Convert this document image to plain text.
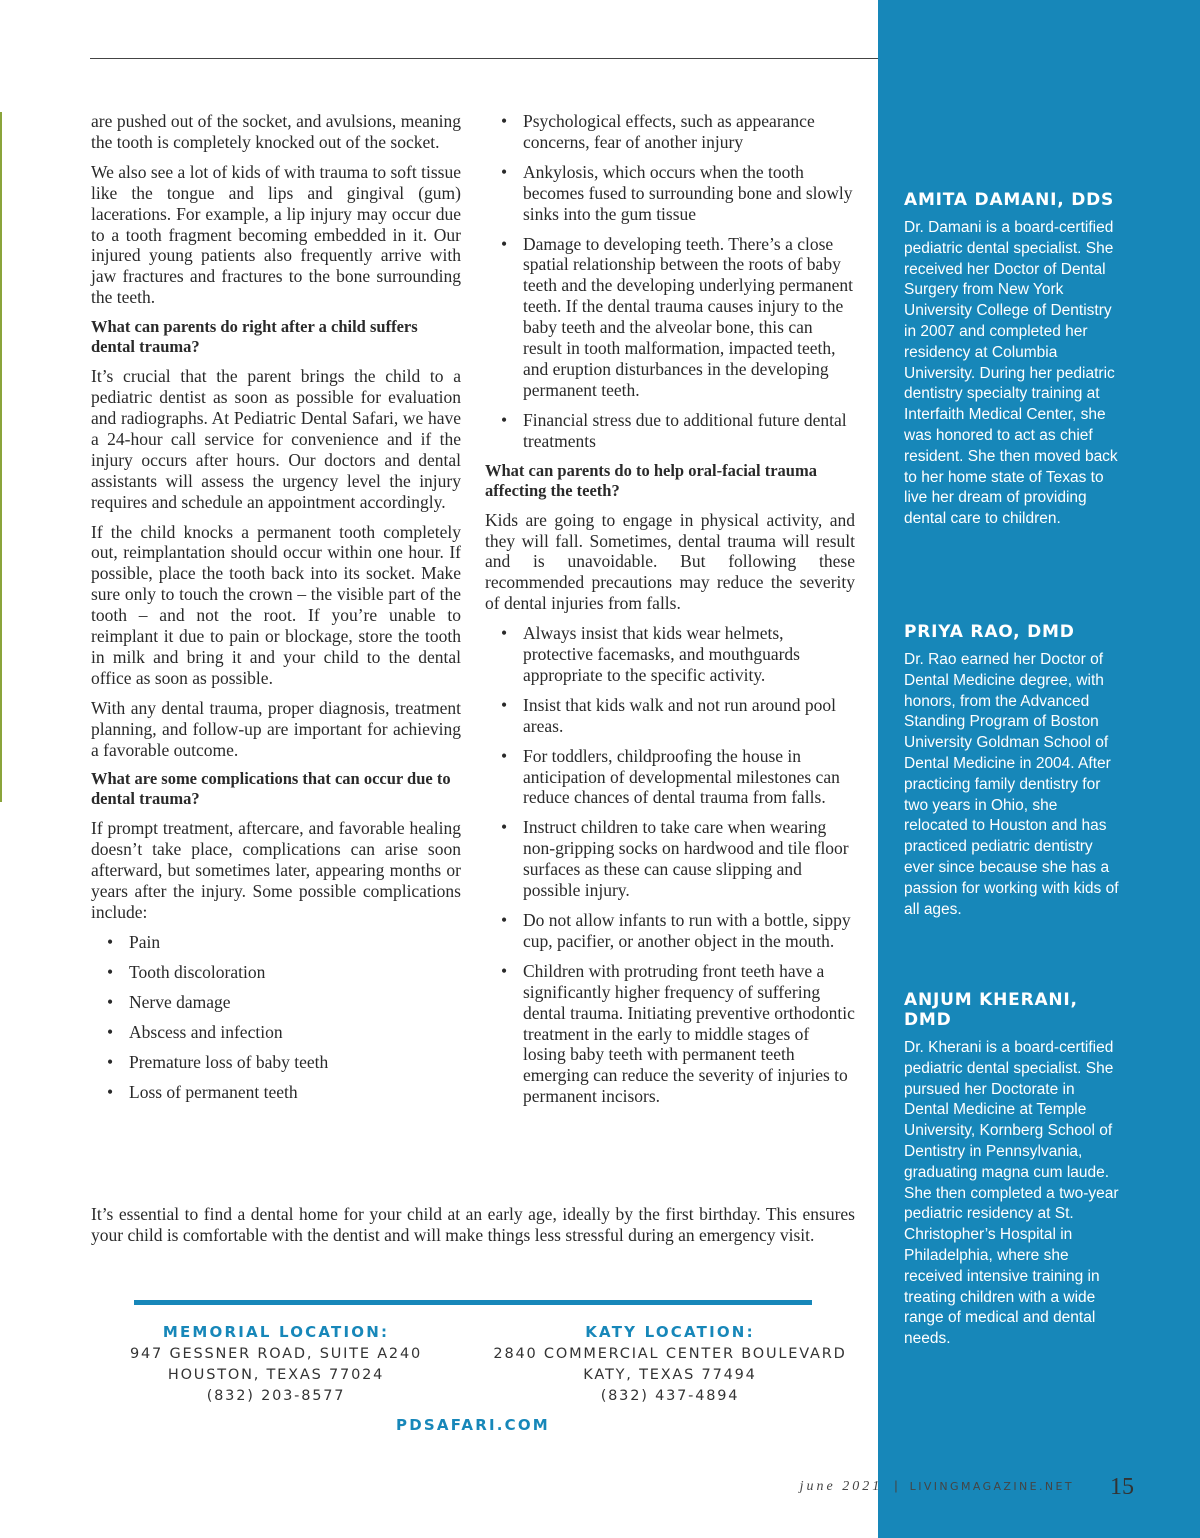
are pushed out of the socket, and avulsions, meaning the tooth is completely knocked out of the socket.

We also see a lot of kids of with trauma to soft tissue like the tongue and lips and gingival (gum) lacerations. For example, a lip injury may occur due to a tooth fragment becoming embedded in it. Our injured young patients also frequently arrive with jaw fractures and fractures to the bone surrounding the teeth.

What can parents do right after a child suffers dental trauma?

It’s crucial that the parent brings the child to a pediatric dentist as soon as possible for evaluation and radiographs. At Pediatric Dental Safari, we have a 24-hour call service for convenience and if the injury occurs after hours. Our doctors and dental assistants will assess the urgency level the injury requires and schedule an appointment accordingly.

If the child knocks a permanent tooth completely out, reimplantation should occur within one hour. If possible, place the tooth back into its socket. Make sure only to touch the crown – the visible part of the tooth – and not the root. If you’re unable to reimplant it due to pain or blockage, store the tooth in milk and bring it and your child to the dental office as soon as possible.

With any dental trauma, proper diagnosis, treatment planning, and follow-up are important for achieving a favorable outcome.

What are some complications that can occur due to dental trauma?

If prompt treatment, aftercare, and favorable healing doesn’t take place, complications can arise soon afterward, but sometimes later, appearing months or years after the injury. Some possible complications include:

• Pain
• Tooth discoloration
• Nerve damage
• Abscess and infection
• Premature loss of baby teeth
• Loss of permanent teeth
• Psychological effects, such as appearance concerns, fear of another injury
• Ankylosis, which occurs when the tooth becomes fused to surrounding bone and slowly sinks into the gum tissue
• Damage to developing teeth. There’s a close spatial relationship between the roots of baby teeth and the developing underlying permanent teeth. If the dental trauma causes injury to the baby teeth and the alveolar bone, this can result in tooth malformation, impacted teeth, and eruption disturbances in the developing permanent teeth.
• Financial stress due to additional future dental treatments
What can parents do to help oral-facial trauma affecting the teeth?

Kids are going to engage in physical activity, and they will fall. Sometimes, dental trauma will result and is unavoidable. But following these recommended precautions may reduce the severity of dental injuries from falls.

• Always insist that kids wear helmets, protective facemasks, and mouthguards appropriate to the specific activity.
• Insist that kids walk and not run around pool areas.
• For toddlers, childproofing the house in anticipation of developmental milestones can reduce chances of dental trauma from falls.
• Instruct children to take care when wearing non-gripping socks on hardwood and tile floor surfaces as these can cause slipping and possible injury.
• Do not allow infants to run with a bottle, sippy cup, pacifier, or another object in the mouth.
• Children with protruding front teeth have a significantly higher frequency of suffering dental trauma. Initiating preventive orthodontic treatment in the early to middle stages of losing baby teeth with permanent teeth emerging can reduce the severity of injuries to permanent incisors.

It’s essential to find a dental home for your child at an early age, ideally by the first birthday. This ensures your child is comfortable with the dentist and will make things less stressful during an emergency visit.

MEMORIAL LOCATION:
947 GESSNER ROAD, SUITE A240
HOUSTON, TEXAS 77024
(832) 203-8577
KATY LOCATION:
2840 COMMERCIAL CENTER BOULEVARD
KATY, TEXAS 77494
(832) 437-4894
PDSAFARI.COM
AMITA DAMANI, DDS

Dr. Damani is a board-certified pediatric dental specialist. She received her Doctor of Dental Surgery from New York University College of Dentistry in 2007 and completed her residency at Columbia University. During her pediatric dentistry specialty training at Interfaith Medical Center, she was honored to act as chief resident. She then moved back to her home state of Texas to live her dream of providing dental care to children.

PRIYA RAO, DMD

Dr. Rao earned her Doctor of Dental Medicine degree, with honors, from the Advanced Standing Program of Boston University Goldman School of Dental Medicine in 2004. After practicing family dentistry for two years in Ohio, she relocated to Houston and has practiced pediatric dentistry ever since because she has a passion for working with kids of all ages.

ANJUM KHERANI, DMD

Dr. Kherani is a board-certified pediatric dental specialist. She pursued her Doctorate in Dental Medicine at Temple University, Kornberg School of Dentistry in Pennsylvania, graduating magna cum laude. She then completed a two-year pediatric residency at St. Christopher’s Hospital in Philadelphia, where she received intensive training in treating children with a wide range of medical and dental needs.

june 2021 | LIVINGMAGAZINE.NET 15
